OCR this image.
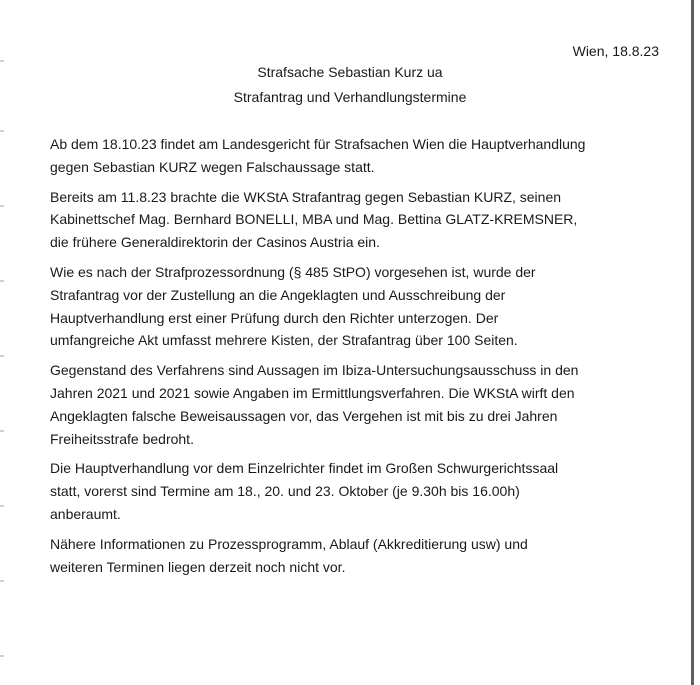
Wien, 18.8.23
Strafsache Sebastian Kurz ua
Strafantrag und Verhandlungstermine

Ab dem 18.10.23 findet am Landesgericht für Strafsachen Wien die Hauptverhandlung
gegen Sebastian KURZ wegen Falschaussage statt.

Bereits am 11.8.23 brachte die WKStA Strafantrag gegen Sebastian KURZ, seinen
Kabinettschef Mag. Bernhard BONELLI, MBA und Mag. Bettina GLATZ-KREMSNER,
die frühere Generaldirektorin der Casinos Austria ein.

Wie es nach der Strafprozessordnung (§ 485 StPO) vorgesehen ist, wurde der
Strafantrag vor der Zustellung an die Angeklagten und Ausschreibung der
Hauptverhandlung erst einer Prüfung durch den Richter unterzogen. Der
umfangreiche Akt umfasst mehrere Kisten, der Strafantrag über 100 Seiten.

Gegenstand des Verfahrens sind Aussagen im Ibiza-Untersuchungsausschuss in den
Jahren 2021 und 2021 sowie Angaben im Ermittlungsverfahren. Die WKStA wirft den
Angeklagten falsche Beweisaussagen vor, das Vergehen ist mit bis zu drei Jahren
Freiheitsstrafe bedroht.

Die Hauptverhandlung vor dem Einzelrichter findet im Großen Schwurgerichtssaal
statt, vorerst sind Termine am 18., 20. und 23. Oktober (je 9.30h bis 16.00h)
anberaumt.

Nähere Informationen zu Prozessprogramm, Ablauf (Akkreditierung usw) und
weiteren Terminen liegen derzeit noch nicht vor.
